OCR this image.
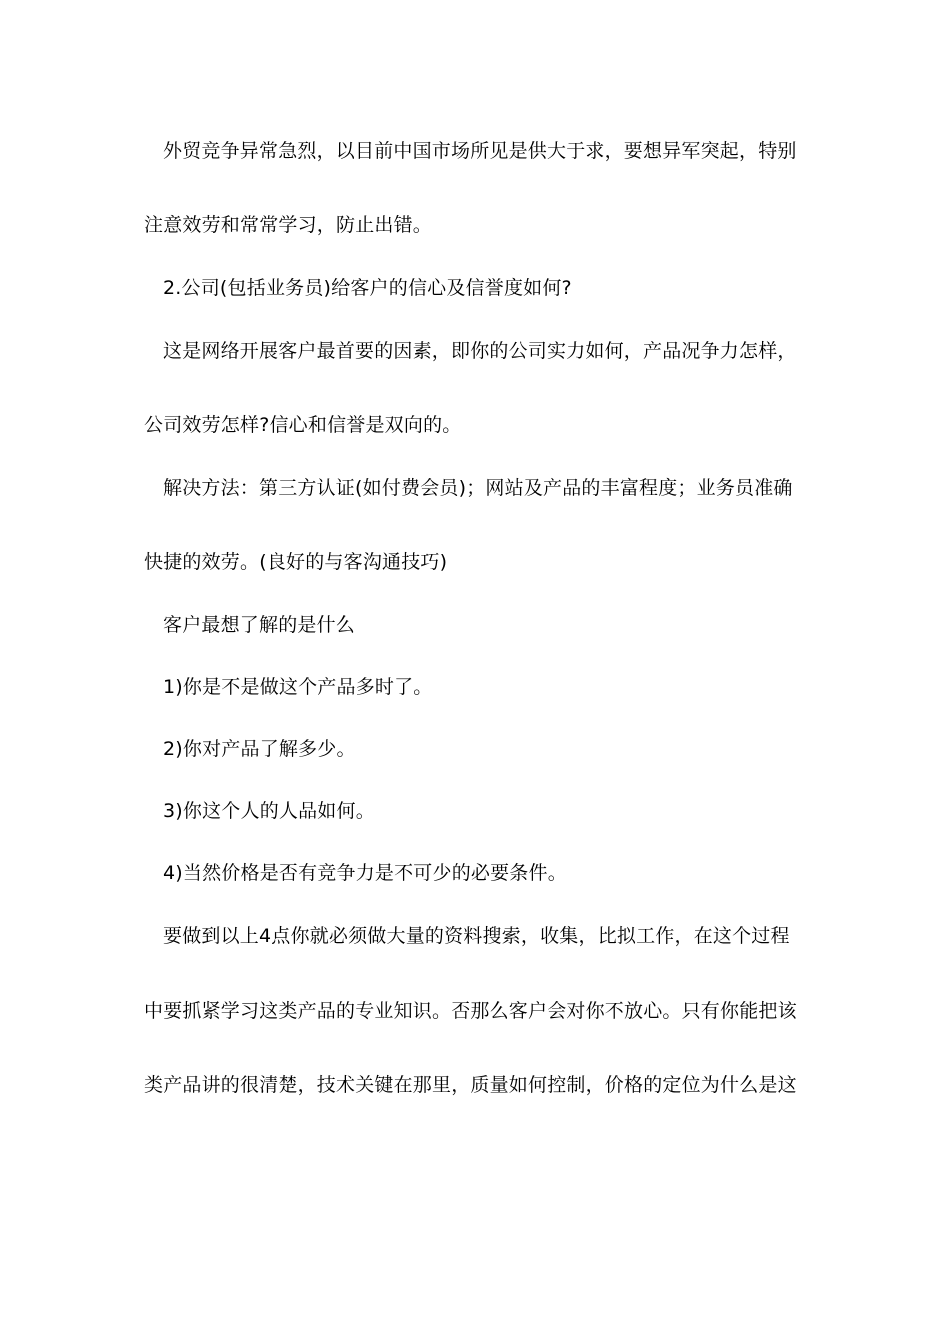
外贸竞争异常急烈，以目前中国市场所见是供大于求，要想异军突起，特别
注意效劳和常常学习，防止出错。
2.公司(包括业务员)给客户的信心及信誉度如何?
这是网络开展客户最首要的因素，即你的公司实力如何，产品况争力怎样，
公司效劳怎样?信心和信誉是双向的。
解决方法：第三方认证(如付费会员)；网站及产品的丰富程度；业务员准确
快捷的效劳。(良好的与客沟通技巧)
客户最想了解的是什么
1)你是不是做这个产品多时了。
2)你对产品了解多少。
3)你这个人的人品如何。
4)当然价格是否有竞争力是不可少的必要条件。
要做到以上4点你就必须做大量的资料搜索，收集，比拟工作，在这个过程
中要抓紧学习这类产品的专业知识。否那么客户会对你不放心。只有你能把该
类产品讲的很清楚，技术关键在那里，质量如何控制，价格的定位为什么是这
